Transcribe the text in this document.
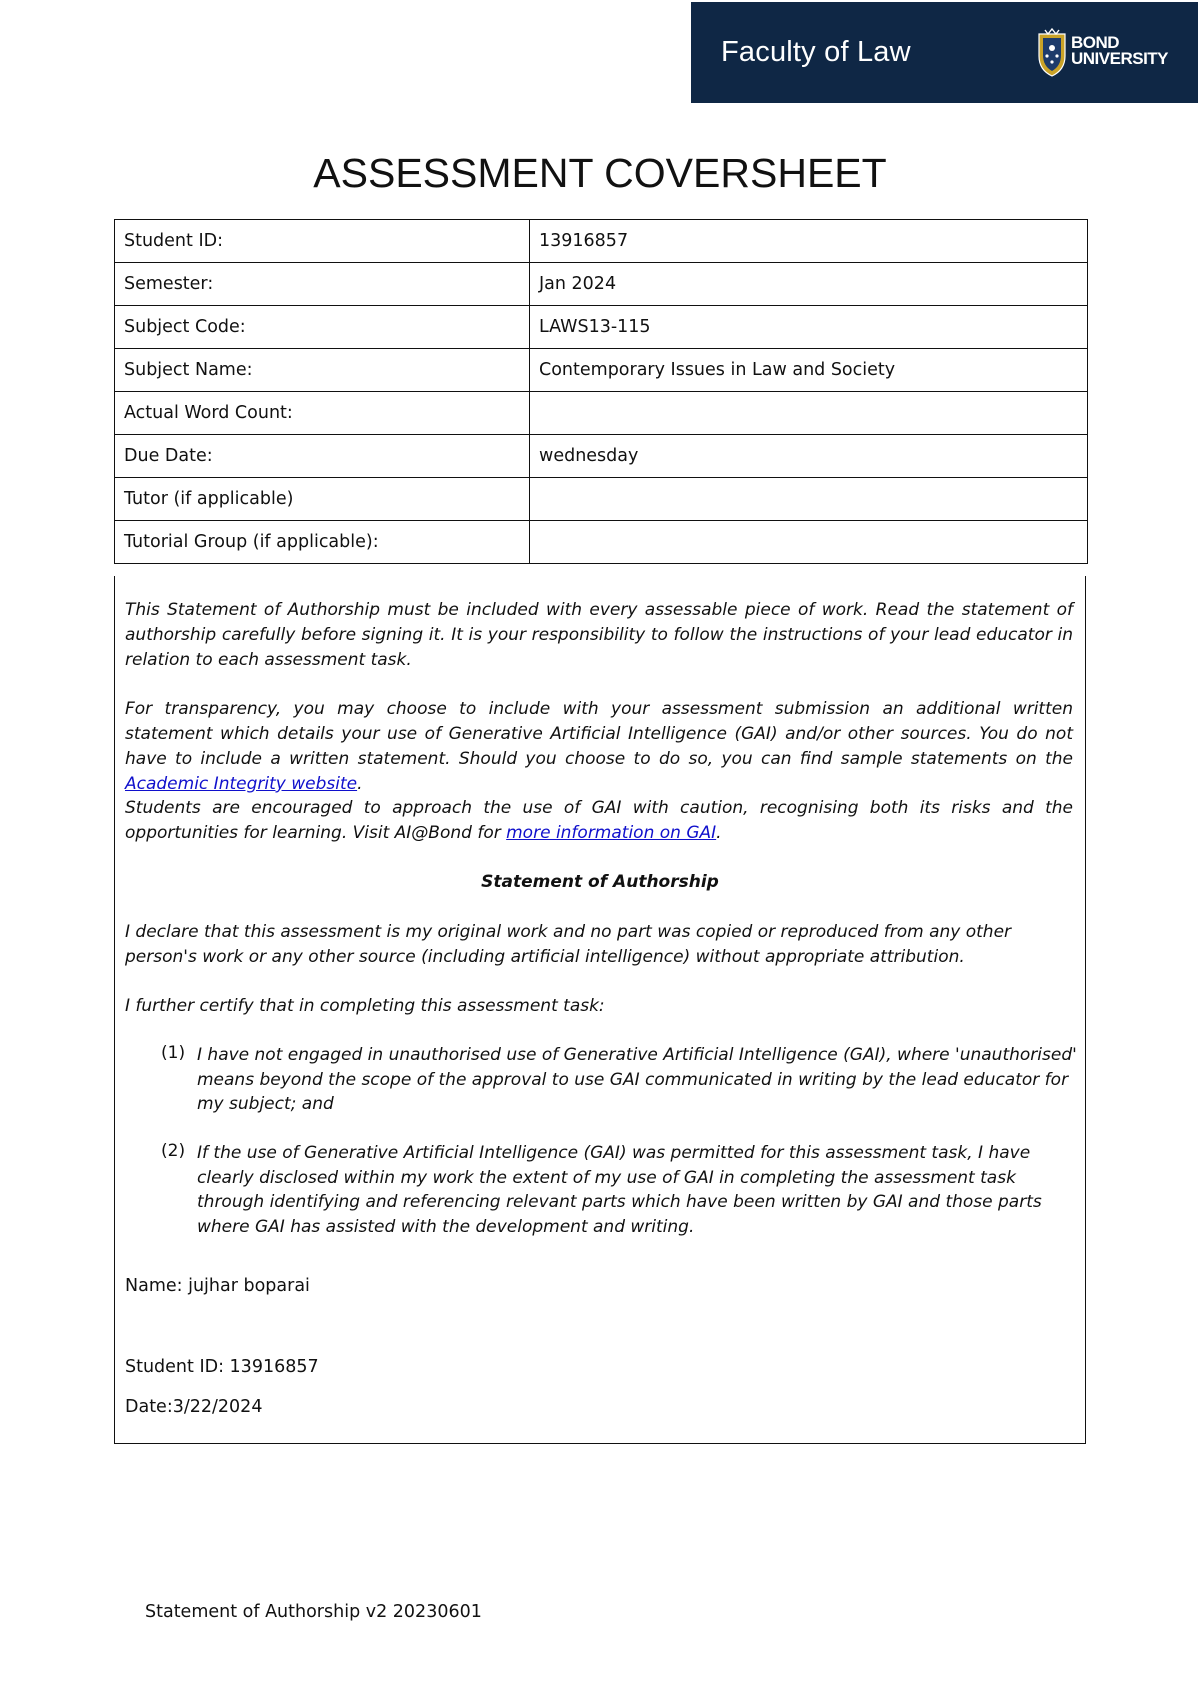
Faculty of Law	BOND
UNIVERSITY
ASSESSMENT COVERSHEET
Student ID:	13916857
Semester:	Jan 2024
Subject Code:	LAWS13-115
Subject Name:	Contemporary Issues in Law and Society
Actual Word Count:	
Due Date:	wednesday
Tutor (if applicable)	
Tutorial Group (if applicable):	
This Statement of Authorship must be included with every assessable piece of work. Read the statement of authorship carefully before signing it. It is your responsibility to follow the instructions of your lead educator in relation to each assessment task.
For transparency, you may choose to include with your assessment submission an additional written statement which details your use of Generative Artificial Intelligence (GAI) and/or other sources. You do not have to include a written statement. Should you choose to do so, you can find sample statements on the Academic Integrity website.
Students are encouraged to approach the use of GAI with caution, recognising both its risks and the opportunities for learning. Visit AI@Bond for more information on GAI.
Statement of Authorship
I declare that this assessment is my original work and no part was copied or reproduced from any other person's work or any other source (including artificial intelligence) without appropriate attribution.
I further certify that in completing this assessment task:
(1) I have not engaged in unauthorised use of Generative Artificial Intelligence (GAI), where 'unauthorised' means beyond the scope of the approval to use GAI communicated in writing by the lead educator for my subject; and
(2) If the use of Generative Artificial Intelligence (GAI) was permitted for this assessment task, I have clearly disclosed within my work the extent of my use of GAI in completing the assessment task through identifying and referencing relevant parts which have been written by GAI and those parts where GAI has assisted with the development and writing.
Name: jujhar boparai
Student ID: 13916857
Date:3/22/2024
Statement of Authorship v2 20230601
